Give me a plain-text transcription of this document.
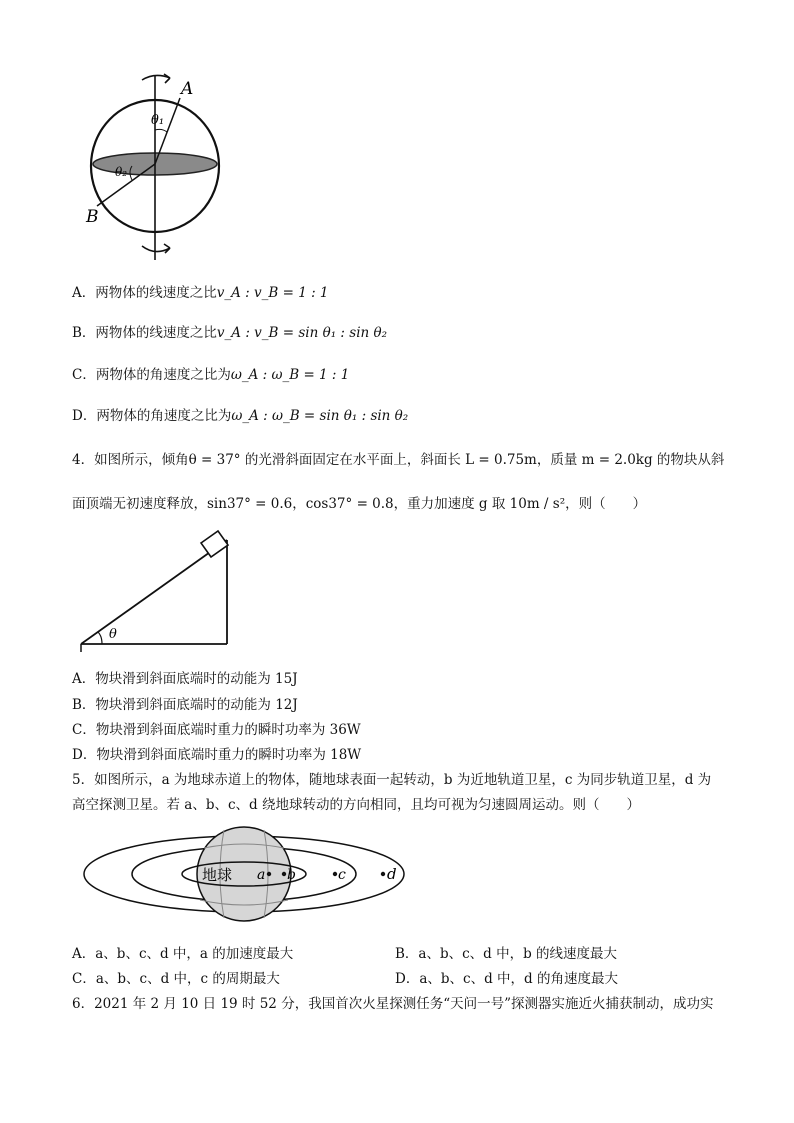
A
B
θ₁
θ₂
A．两物体的线速度之比v_A : v_B = 1 : 1
B．两物体的线速度之比v_A : v_B = sin θ₁ : sin θ₂
C．两物体的角速度之比为ω_A : ω_B = 1 : 1
D．两物体的角速度之比为ω_A : ω_B = sin θ₁ : sin θ₂
4．如图所示，倾角θ = 37° 的光滑斜面固定在水平面上，斜面长 L = 0.75m，质量 m = 2.0kg 的物块从斜
面顶端无初速度释放，sin37° = 0.6，cos37° = 0.8，重力加速度 g 取 10m / s²，则（　　）
θ
A．物块滑到斜面底端时的动能为 15J
B．物块滑到斜面底端时的动能为 12J
C．物块滑到斜面底端时重力的瞬时功率为 36W
D．物块滑到斜面底端时重力的瞬时功率为 18W
5．如图所示，a 为地球赤道上的物体，随地球表面一起转动，b 为近地轨道卫星，c 为同步轨道卫星，d 为
高空探测卫星。若 a、b、c、d 绕地球转动的方向相同，且均可视为匀速圆周运动。则（　　）
地球 a b	c	d
A．a、b、c、d 中，a 的加速度最大	B．a、b、c、d 中，b 的线速度最大
C．a、b、c、d 中，c 的周期最大	D．a、b、c、d 中，d 的角速度最大
6．2021 年 2 月 10 日 19 时 52 分，我国首次火星探测任务“天问一号”探测器实施近火捕获制动，成功实
